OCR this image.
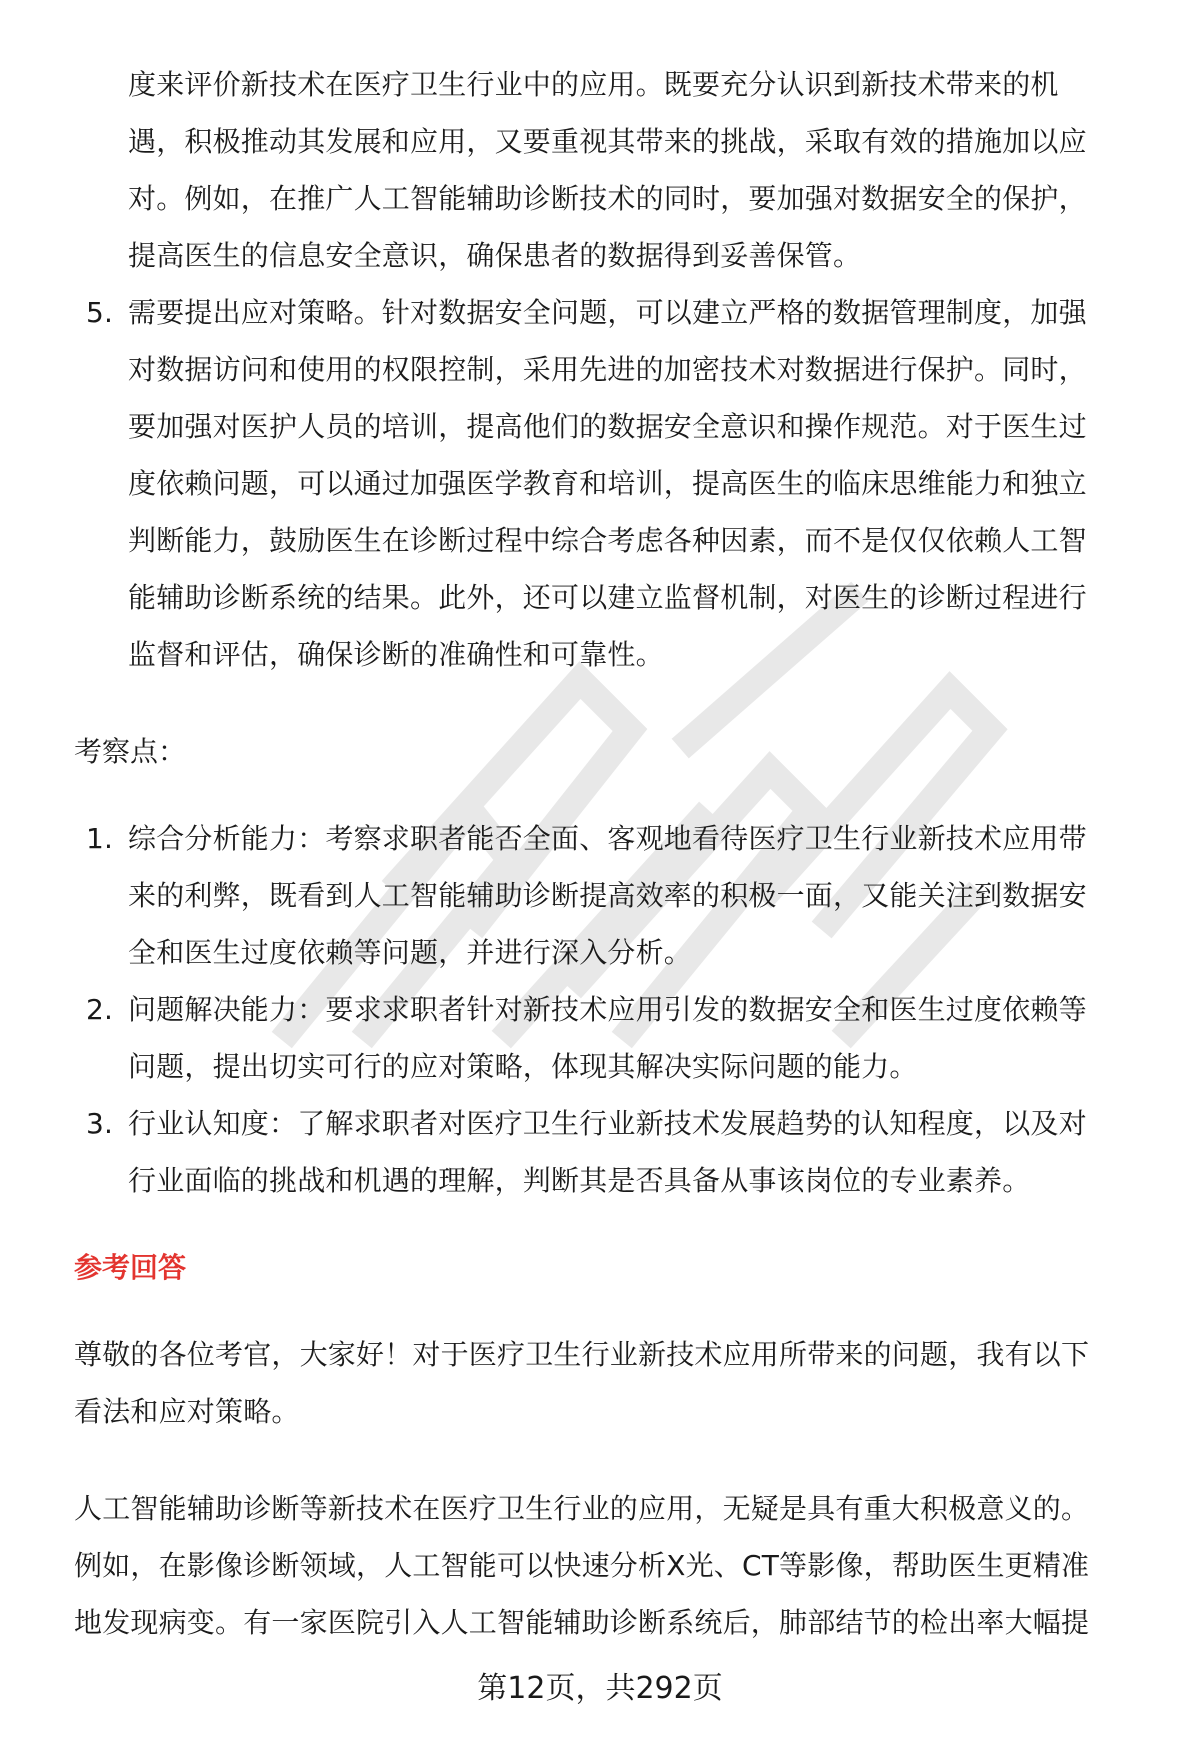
度来评价新技术在医疗卫生行业中的应用。既要充分认识到新技术带来的机
遇，积极推动其发展和应用，又要重视其带来的挑战，采取有效的措施加以应
对。例如，在推广人工智能辅助诊断技术的同时，要加强对数据安全的保护，
提高医生的信息安全意识，确保患者的数据得到妥善保管。
5. 需要提出应对策略。针对数据安全问题，可以建立严格的数据管理制度，加强
对数据访问和使用的权限控制，采用先进的加密技术对数据进行保护。同时，
要加强对医护人员的培训，提高他们的数据安全意识和操作规范。对于医生过
度依赖问题，可以通过加强医学教育和培训，提高医生的临床思维能力和独立
判断能力，鼓励医生在诊断过程中综合考虑各种因素，而不是仅仅依赖人工智
能辅助诊断系统的结果。此外，还可以建立监督机制，对医生的诊断过程进行
监督和评估，确保诊断的准确性和可靠性。
考察点：
1. 综合分析能力：考察求职者能否全面、客观地看待医疗卫生行业新技术应用带
来的利弊，既看到人工智能辅助诊断提高效率的积极一面，又能关注到数据安
全和医生过度依赖等问题，并进行深入分析。
2. 问题解决能力：要求求职者针对新技术应用引发的数据安全和医生过度依赖等
问题，提出切实可行的应对策略，体现其解决实际问题的能力。
3. 行业认知度：了解求职者对医疗卫生行业新技术发展趋势的认知程度，以及对
行业面临的挑战和机遇的理解，判断其是否具备从事该岗位的专业素养。
参考回答
尊敬的各位考官，大家好！对于医疗卫生行业新技术应用所带来的问题，我有以下
看法和应对策略。
人工智能辅助诊断等新技术在医疗卫生行业的应用，无疑是具有重大积极意义的。
例如，在影像诊断领域，人工智能可以快速分析X光、CT等影像，帮助医生更精准
地发现病变。有一家医院引入人工智能辅助诊断系统后，肺部结节的检出率大幅提
第12页，共292页
